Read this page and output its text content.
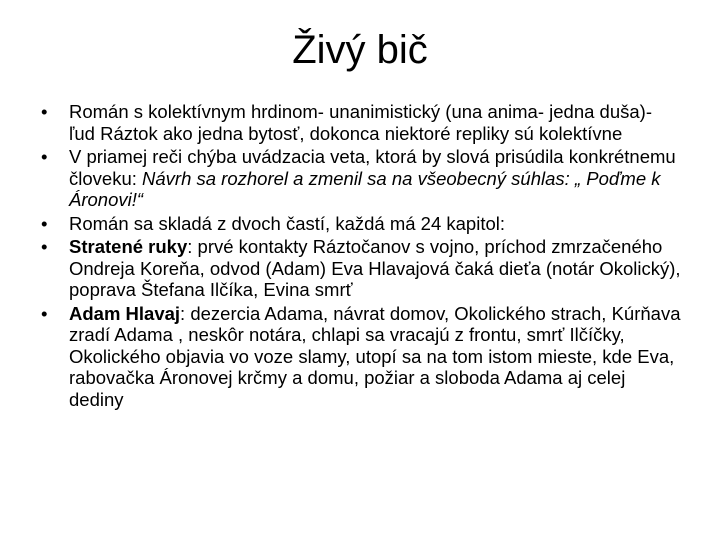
Živý bič
• Román s kolektívnym hrdinom- unanimistický (una anima- jedna duša)- ľud Ráztok ako jedna bytosť, dokonca niektoré repliky sú kolektívne
• V priamej reči chýba uvádzacia veta, ktorá by slová prisúdila konkrétnemu človeku: Návrh sa rozhorel a zmenil sa na všeobecný súhlas: „ Poďme k Áronovi!“
• Román sa skladá z dvoch častí, každá má 24 kapitol:
• Stratené ruky: prvé kontakty Ráztočanov s vojno, príchod zmrzačeného Ondreja Koreňa, odvod (Adam) Eva Hlavajová čaká dieťa (notár Okolický), poprava Štefana Ilčíka, Evina smrť
• Adam Hlavaj: dezercia Adama, návrat domov, Okolického strach, Kúrňava zradí Adama , neskôr notára, chlapi sa vracajú z frontu, smrť Ilčíčky, Okolického objavia vo voze slamy, utopí sa na tom istom mieste, kde Eva, rabovačka Áronovej krčmy a domu, požiar a sloboda Adama aj celej dediny
